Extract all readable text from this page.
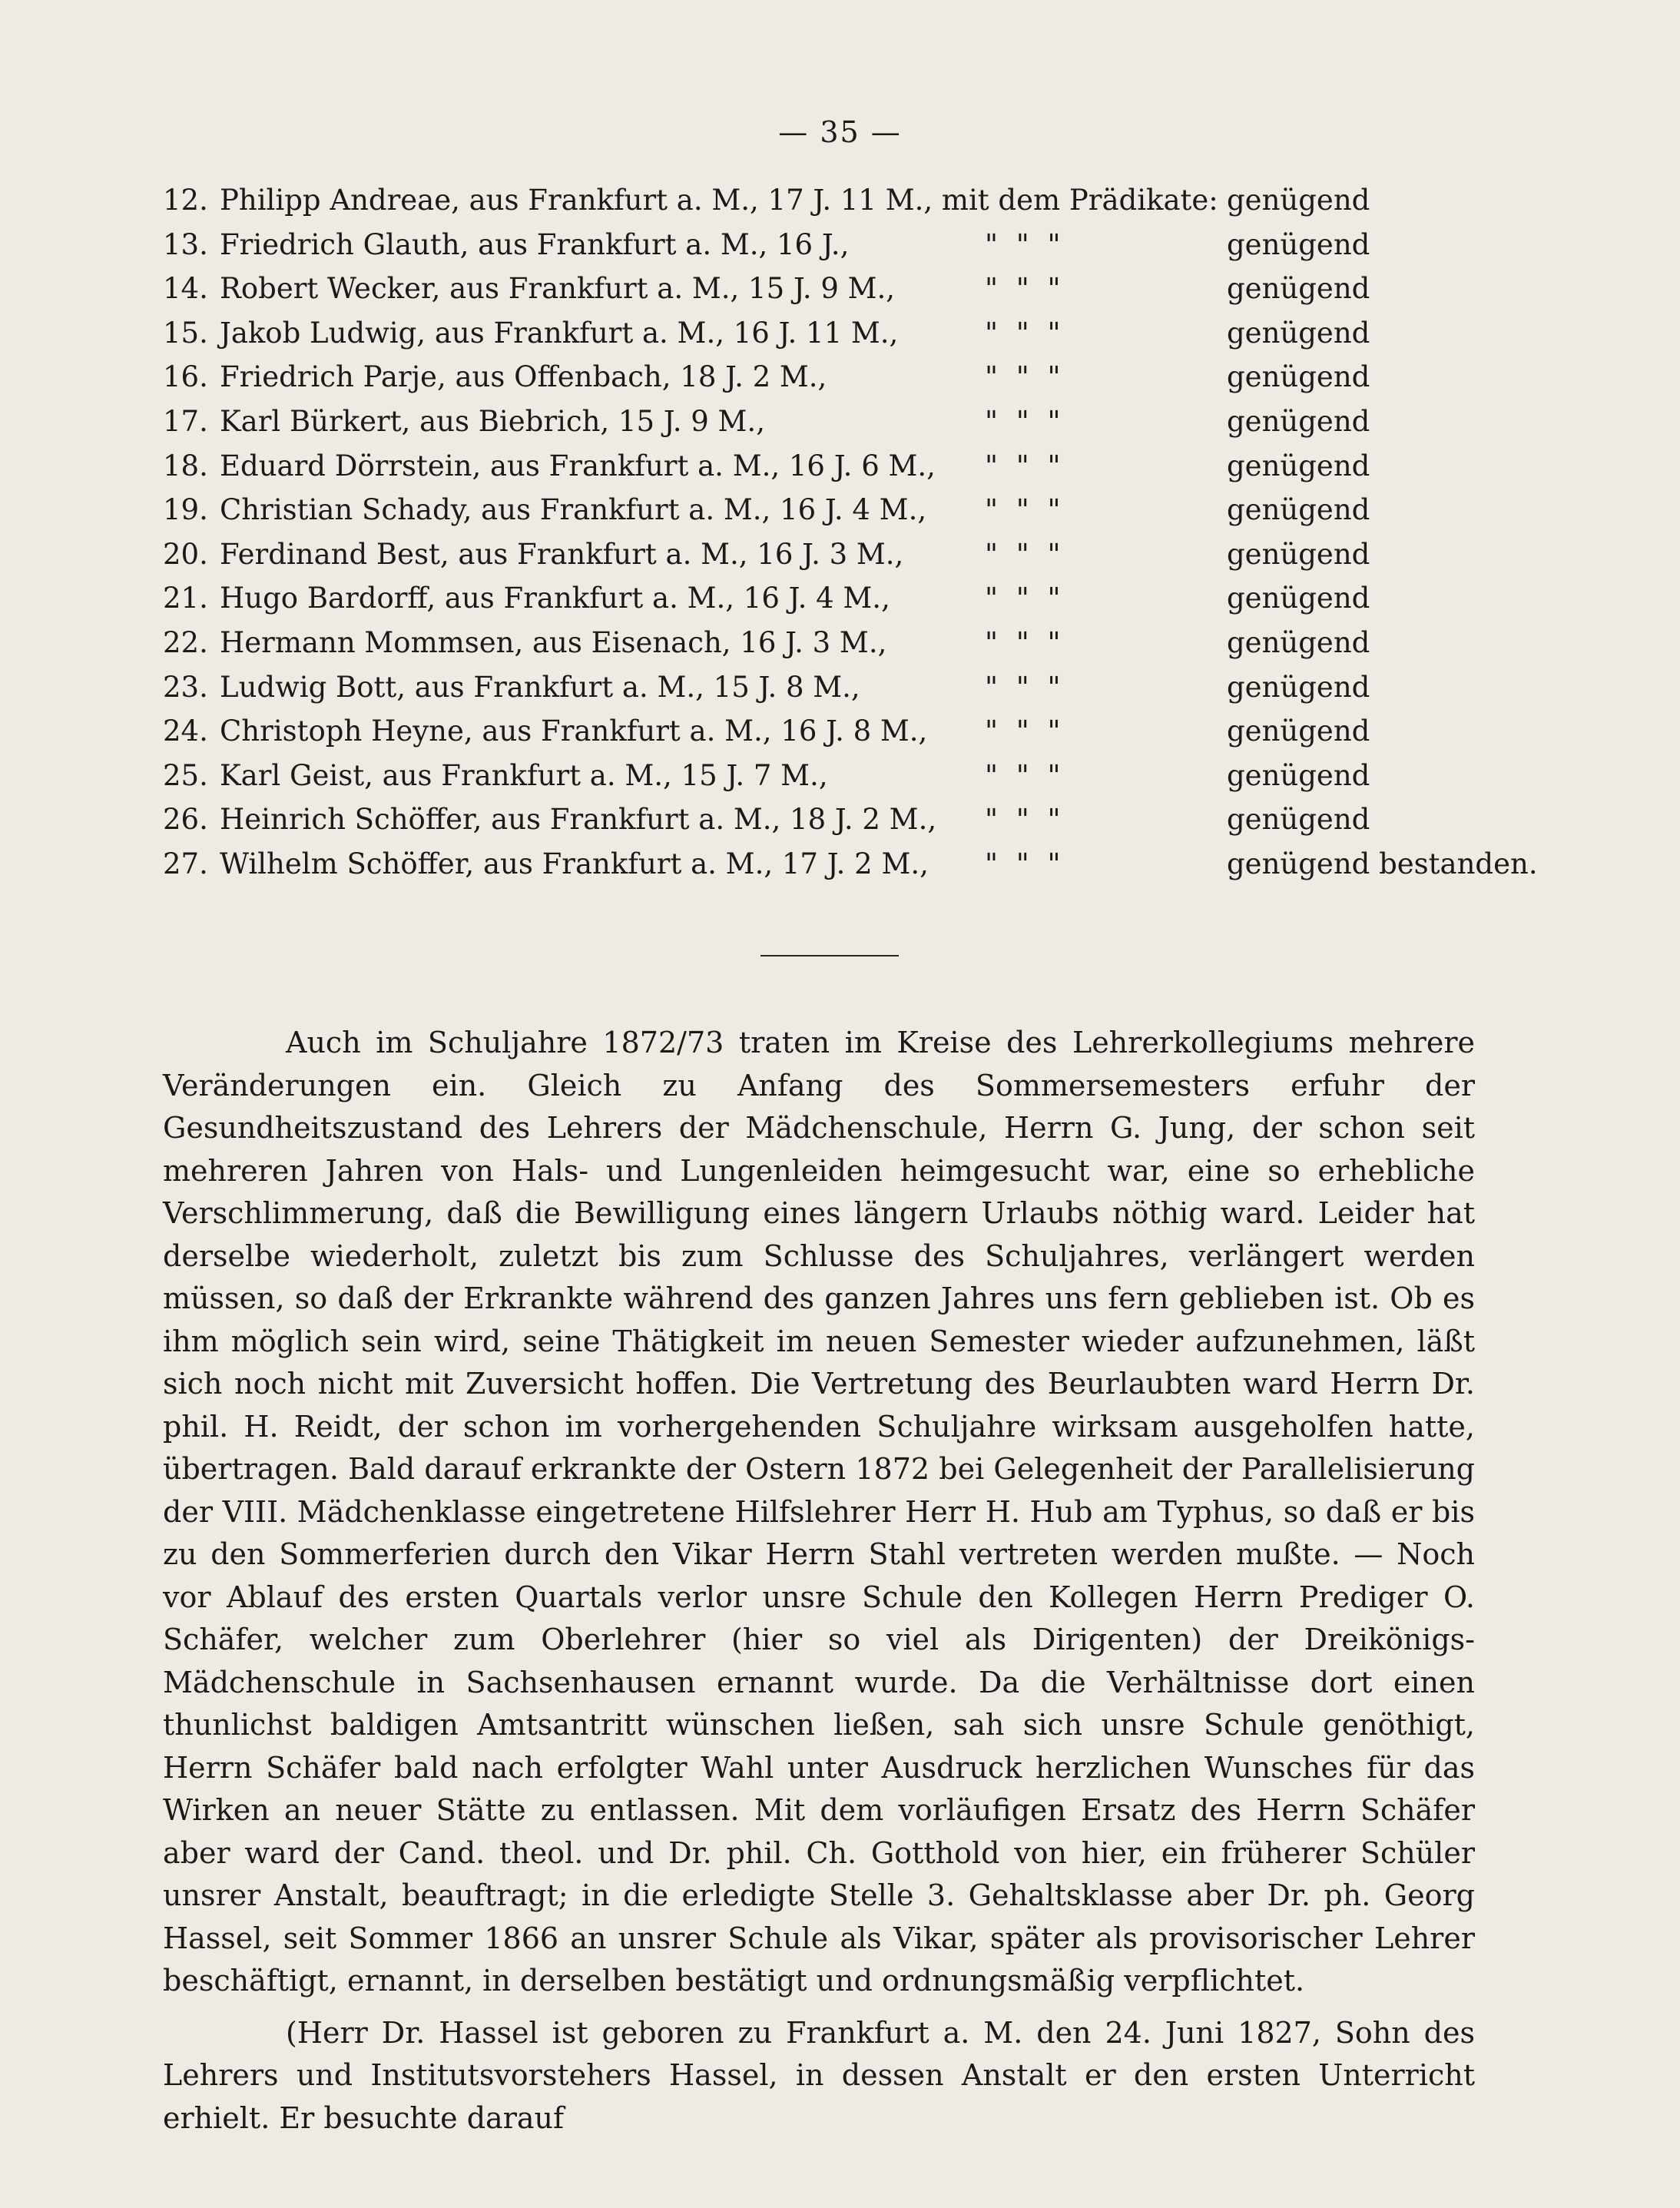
— 35 —
12. Philipp Andreae, aus Frankfurt a. M., 17 J. 11 M., mit dem Prädikate: genügend
13. Friedrich Glauth, aus Frankfurt a. M., 16 J.,	" " "	genügend
14. Robert Wecker, aus Frankfurt a. M., 15 J. 9 M.,	" " "	genügend
15. Jakob Ludwig, aus Frankfurt a. M., 16 J. 11 M.,	" " "	genügend
16. Friedrich Parje, aus Offenbach, 18 J. 2 M.,	" " "	genügend
17. Karl Bürkert, aus Biebrich, 15 J. 9 M.,	" " "	genügend
18. Eduard Dörrstein, aus Frankfurt a. M., 16 J. 6 M., " " "	genügend
19. Christian Schady, aus Frankfurt a. M., 16 J. 4 M., " " "	genügend
20. Ferdinand Best, aus Frankfurt a. M., 16 J. 3 M.,	" " "	genügend
21. Hugo Bardorff, aus Frankfurt a. M., 16 J. 4 M.,	" " "	genügend
22. Hermann Mommsen, aus Eisenach, 16 J. 3 M.,	" " "	genügend
23. Ludwig Bott, aus Frankfurt a. M., 15 J. 8 M.,	" " "	genügend
24. Christoph Heyne, aus Frankfurt a. M., 16 J. 8 M., " " "	genügend
25. Karl Geist, aus Frankfurt a. M., 15 J. 7 M.,	" " "	genügend
26. Heinrich Schöffer, aus Frankfurt a. M., 18 J. 2 M., " " "	genügend
27. Wilhelm Schöffer, aus Frankfurt a. M., 17 J. 2 M., " " "	genügend bestanden.

Auch im Schuljahre 1872/73 traten im Kreise des Lehrerkollegiums mehrere Veränderungen ein. Gleich zu Anfang des Sommersemesters erfuhr der Gesundheitszustand des Lehrers der Mädchenschule, Herrn G. Jung, der schon seit mehreren Jahren von Hals- und Lungenleiden heimgesucht war, eine so erhebliche Verschlimmerung, daß die Bewilligung eines längern Urlaubs nöthig ward. Leider hat derselbe wiederholt, zuletzt bis zum Schlusse des Schuljahres, verlängert werden müssen, so daß der Erkrankte während des ganzen Jahres uns fern geblieben ist. Ob es ihm möglich sein wird, seine Thätigkeit im neuen Semester wieder aufzunehmen, läßt sich noch nicht mit Zuversicht hoffen. Die Vertretung des Beurlaubten ward Herrn Dr. phil. H. Reidt, der schon im vorhergehenden Schuljahre wirksam ausgeholfen hatte, übertragen. Bald darauf erkrankte der Ostern 1872 bei Gelegenheit der Parallelisierung der VIII. Mädchenklasse eingetretene Hilfslehrer Herr H. Hub am Typhus, so daß er bis zu den Sommerferien durch den Vikar Herrn Stahl vertreten werden mußte. — Noch vor Ablauf des ersten Quartals verlor unsre Schule den Kollegen Herrn Prediger O. Schäfer, welcher zum Oberlehrer (hier so viel als Dirigenten) der Dreikönigs-Mädchenschule in Sachsenhausen ernannt wurde. Da die Verhältnisse dort einen thunlichst baldigen Amtsantritt wünschen ließen, sah sich unsre Schule genöthigt, Herrn Schäfer bald nach erfolgter Wahl unter Ausdruck herzlichen Wunsches für das Wirken an neuer Stätte zu entlassen. Mit dem vorläufigen Ersatz des Herrn Schäfer aber ward der Cand. theol. und Dr. phil. Ch. Gotthold von hier, ein früherer Schüler unsrer Anstalt, beauftragt; in die erledigte Stelle 3. Gehaltsklasse aber Dr. ph. Georg Hassel, seit Sommer 1866 an unsrer Schule als Vikar, später als provisorischer Lehrer beschäftigt, ernannt, in derselben bestätigt und ordnungsmäßig verpflichtet.

(Herr Dr. Hassel ist geboren zu Frankfurt a. M. den 24. Juni 1827, Sohn des Lehrers und Institutsvorstehers Hassel, in dessen Anstalt er den ersten Unterricht erhielt. Er besuchte darauf
